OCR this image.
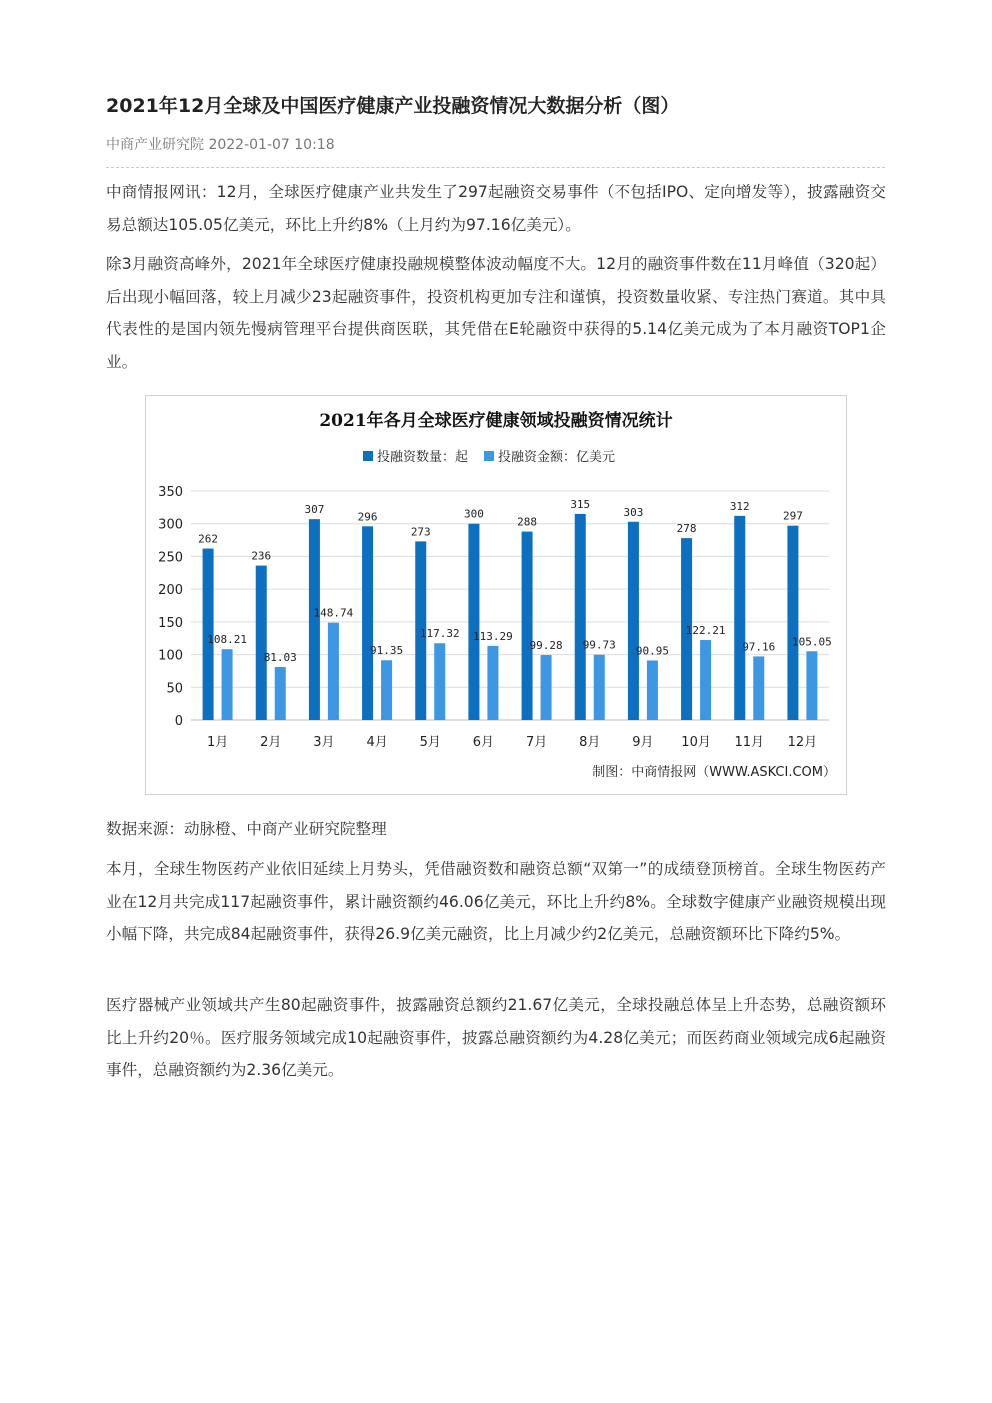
2021年12月全球及中国医疗健康产业投融资情况大数据分析（图）
中商产业研究院 2022-01-07 10:18

中商情报网讯：12月，全球医疗健康产业共发生了297起融资交易事件（不包括IPO、定向增发等），披露融资交易总额达105.05亿美元，环比上升约8%（上月约为97.16亿美元）。

除3月融资高峰外，2021年全球医疗健康投融规模整体波动幅度不大。12月的融资事件数在11月峰值（320起）后出现小幅回落，较上月减少23起融资事件，投资机构更加专注和谨慎，投资数量收紧、专注热门赛道。其中具代表性的是国内领先慢病管理平台提供商医联，其凭借在E轮融资中获得的5.14亿美元成为了本月融资TOP1企业。

2021年各月全球医疗健康领域投融资情况统计
投融资数量：起 投融资金额：亿美元
0
50
100
150
200
250
300
350
262
108.21
236
81.03
307
148.74
296
91.35
273
117.32
300
113.29
288
99.28
315
99.73
303
90.95
278
122.21
312
97.16
297
105.05
1月 2月 3月 4月 5月 6月 7月 8月 9月 10月 11月 12月
制图：中商情报网（WWW.ASKCI.COM）
数据来源：动脉橙、中商产业研究院整理

本月，全球生物医药产业依旧延续上月势头，凭借融资数和融资总额“双第一”的成绩登顶榜首。全球生物医药产业在12月共完成117起融资事件，累计融资额约46.06亿美元，环比上升约8%。全球数字健康产业融资规模出现小幅下降，共完成84起融资事件，获得26.9亿美元融资，比上月减少约2亿美元，总融资额环比下降约5%。

医疗器械产业领域共产生80起融资事件，披露融资总额约21.67亿美元，全球投融总体呈上升态势，总融资额环比上升约20％。医疗服务领域完成10起融资事件，披露总融资额约为4.28亿美元；而医药商业领域完成6起融资事件，总融资额约为2.36亿美元。
